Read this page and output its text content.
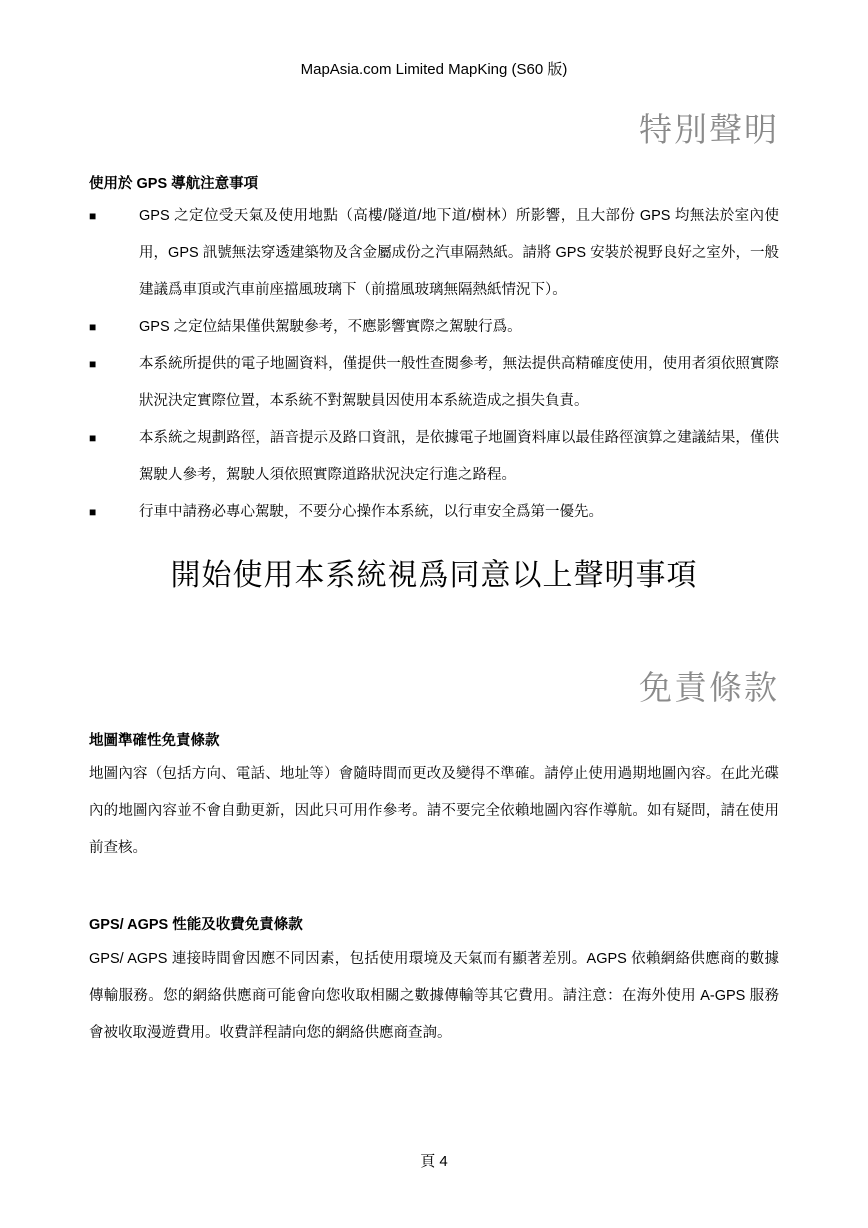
MapAsia.com Limited MapKing (S60 版)
特別聲明
使用於 GPS 導航注意事項
■	GPS 之定位受天氣及使用地點（高樓/隧道/地下道/樹林）所影響，且大部份 GPS 均無法於室內使用，GPS 訊號無法穿透建築物及含金屬成份之汽車隔熱紙。請將 GPS 安裝於視野良好之室外，一般建議爲車頂或汽車前座擋風玻璃下（前擋風玻璃無隔熱紙情況下）。
■	GPS 之定位結果僅供駕駛參考，不應影響實際之駕駛行爲。
■	本系統所提供的電子地圖資料，僅提供一般性查閱參考，無法提供高精確度使用，使用者須依照實際狀況決定實際位置，本系統不對駕駛員因使用本系統造成之損失負責。
■	本系統之規劃路徑，語音提示及路口資訊，是依據電子地圖資料庫以最佳路徑演算之建議結果，僅供駕駛人參考，駕駛人須依照實際道路狀況決定行進之路程。
■	行車中請務必專心駕駛，不要分心操作本系統，以行車安全爲第一優先。
開始使用本系統視爲同意以上聲明事項
免責條款
地圖準確性免責條款
地圖內容（包括方向、電話、地址等）會隨時間而更改及變得不準確。請停止使用過期地圖內容。在此光碟內的地圖內容並不會自動更新，因此只可用作參考。請不要完全依賴地圖內容作導航。如有疑問，請在使用前查核。
GPS/ AGPS 性能及收費免責條款
GPS/ AGPS 連接時間會因應不同因素，包括使用環境及天氣而有顯著差別。AGPS 依賴網絡供應商的數據傳輸服務。您的網絡供應商可能會向您收取相關之數據傳輸等其它費用。請注意：在海外使用 A-GPS 服務會被收取漫遊費用。收費詳程請向您的網絡供應商查詢。
頁 4
